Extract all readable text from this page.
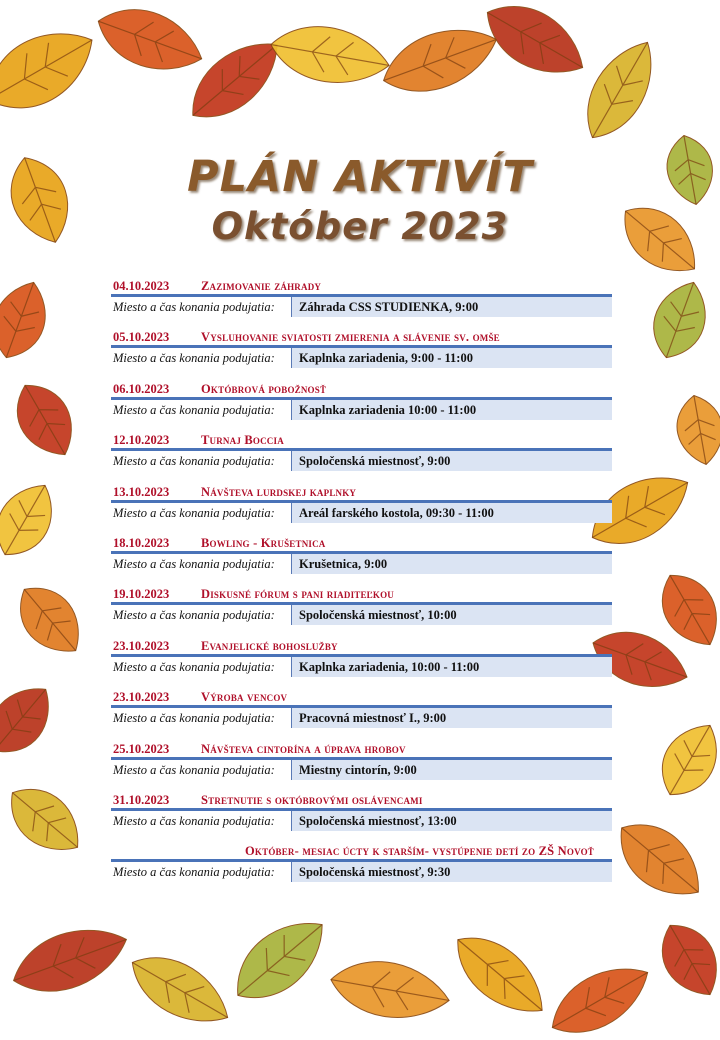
PLÁN AKTIVÍT
Október 2023
04.10.2023	Zazimovanie záhrady
Miesto a čas konania podujatia:	Záhrada CSS STUDIENKA, 9:00
05.10.2023	Vysluhovanie sviatosti zmierenia a slávenie sv. omše
Miesto a čas konania podujatia:	Kaplnka zariadenia, 9:00 - 11:00
06.10.2023	Októbrová pobožnosť
Miesto a čas konania podujatia:	Kaplnka zariadenia 10:00 - 11:00
12.10.2023	Turnaj Boccia
Miesto a čas konania podujatia:	Spoločenská miestnosť, 9:00
13.10.2023	Návšteva lurdskej kaplnky
Miesto a čas konania podujatia:	Areál farského kostola, 09:30 - 11:00
18.10.2023	Bowling - Krušetnica
Miesto a čas konania podujatia:	Krušetnica, 9:00
19.10.2023	Diskusné fórum s pani riaditeľkou
Miesto a čas konania podujatia:	Spoločenská miestnosť, 10:00
23.10.2023	Evanjelické bohoslužby
Miesto a čas konania podujatia:	Kaplnka zariadenia, 10:00 - 11:00
23.10.2023	Výroba vencov
Miesto a čas konania podujatia:	Pracovná miestnosť I., 9:00
25.10.2023	Návšteva cintorína a úprava hrobov
Miesto a čas konania podujatia:	Miestny cintorín, 9:00
31.10.2023	Stretnutie s októbrovými oslávencami
Miesto a čas konania podujatia:	Spoločenská miestnosť, 13:00
Október- mesiac úcty k starším- vystúpenie detí zo ZŠ Novoť
Miesto a čas konania podujatia:	Spoločenská miestnosť, 9:30
